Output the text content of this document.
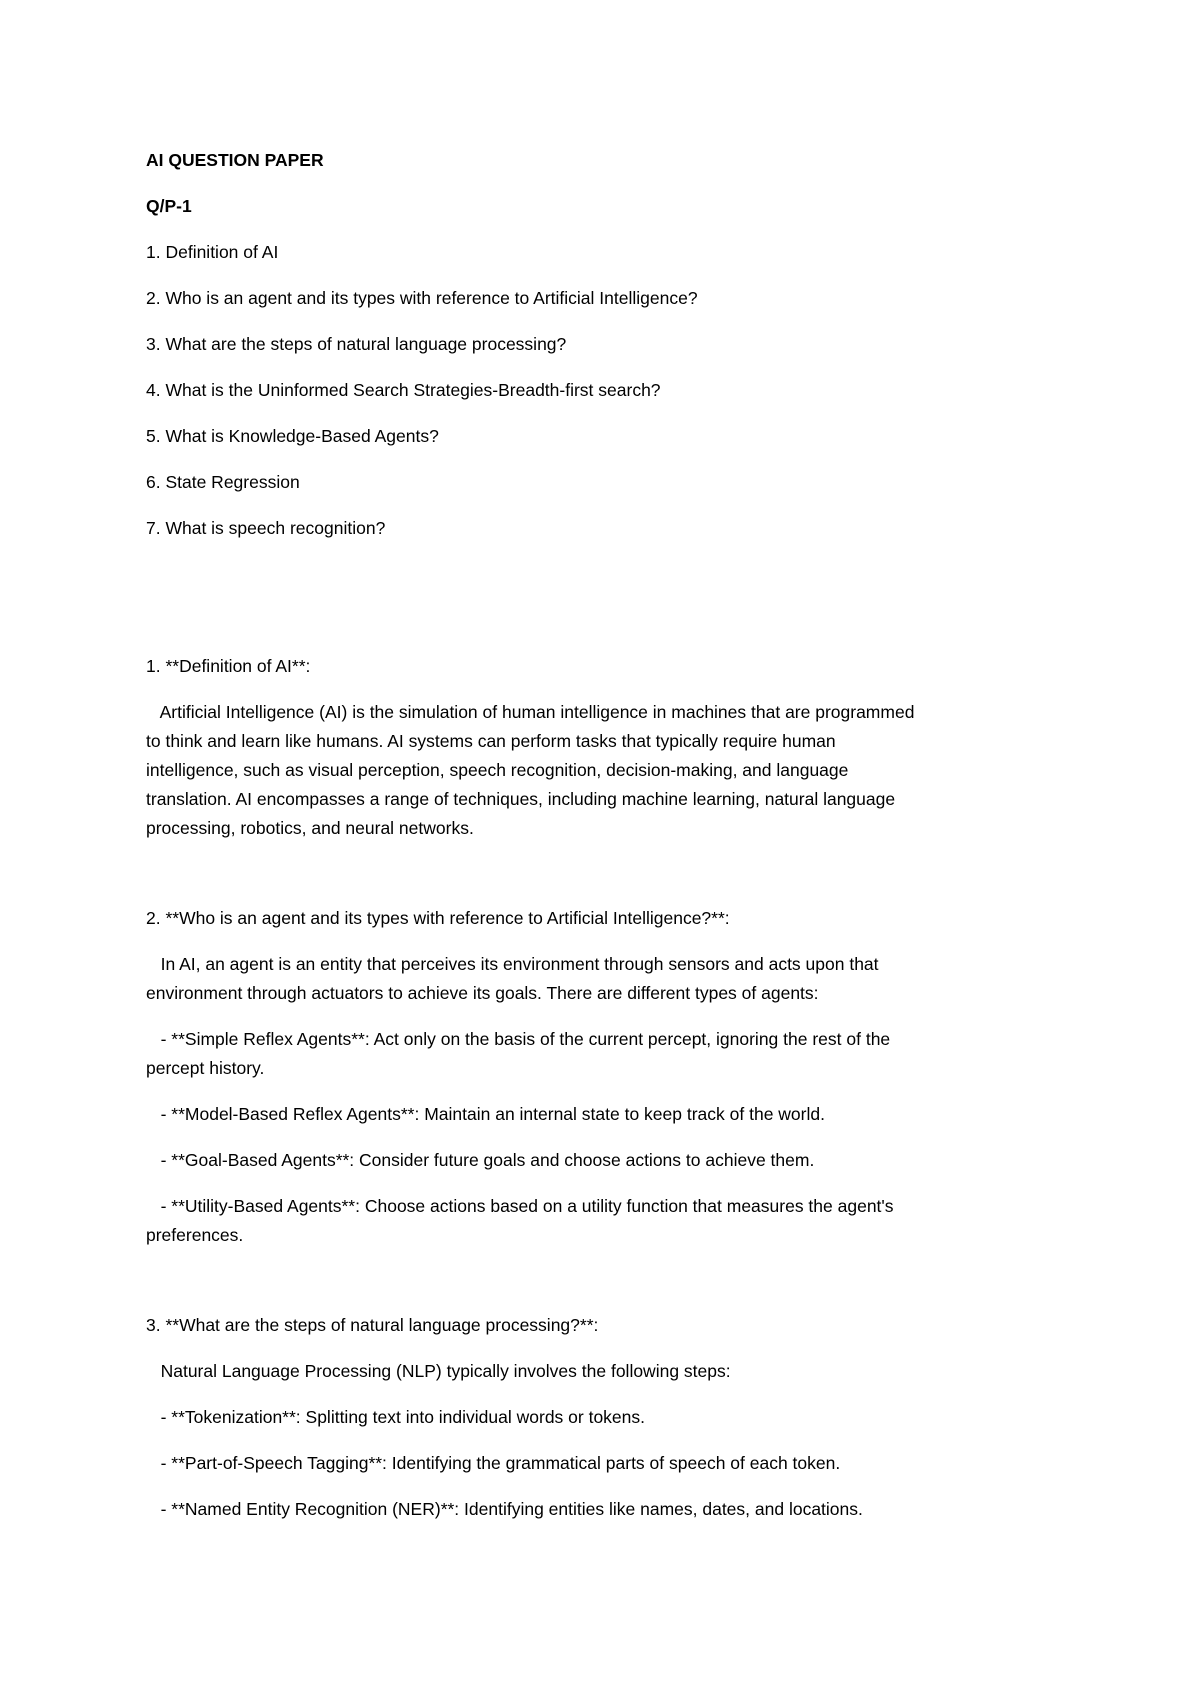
AI QUESTION PAPER
Q/P-1
1. Definition of AI
2. Who is an agent and its types with reference to Artificial Intelligence?
3. What are the steps of natural language processing?
4. What is the Uninformed Search Strategies-Breadth-first search?
5. What is Knowledge-Based Agents?
6. State Regression
7. What is speech recognition?
1. **Definition of AI**:
Artificial Intelligence (AI) is the simulation of human intelligence in machines that are programmed
to think and learn like humans. AI systems can perform tasks that typically require human
intelligence, such as visual perception, speech recognition, decision-making, and language
translation. AI encompasses a range of techniques, including machine learning, natural language
processing, robotics, and neural networks.
2. **Who is an agent and its types with reference to Artificial Intelligence?**:
In AI, an agent is an entity that perceives its environment through sensors and acts upon that
environment through actuators to achieve its goals. There are different types of agents:
- **Simple Reflex Agents**: Act only on the basis of the current percept, ignoring the rest of the
percept history.
- **Model-Based Reflex Agents**: Maintain an internal state to keep track of the world.
- **Goal-Based Agents**: Consider future goals and choose actions to achieve them.
- **Utility-Based Agents**: Choose actions based on a utility function that measures the agent's
preferences.
3. **What are the steps of natural language processing?**:
Natural Language Processing (NLP) typically involves the following steps:
- **Tokenization**: Splitting text into individual words or tokens.
- **Part-of-Speech Tagging**: Identifying the grammatical parts of speech of each token.
- **Named Entity Recognition (NER)**: Identifying entities like names, dates, and locations.
